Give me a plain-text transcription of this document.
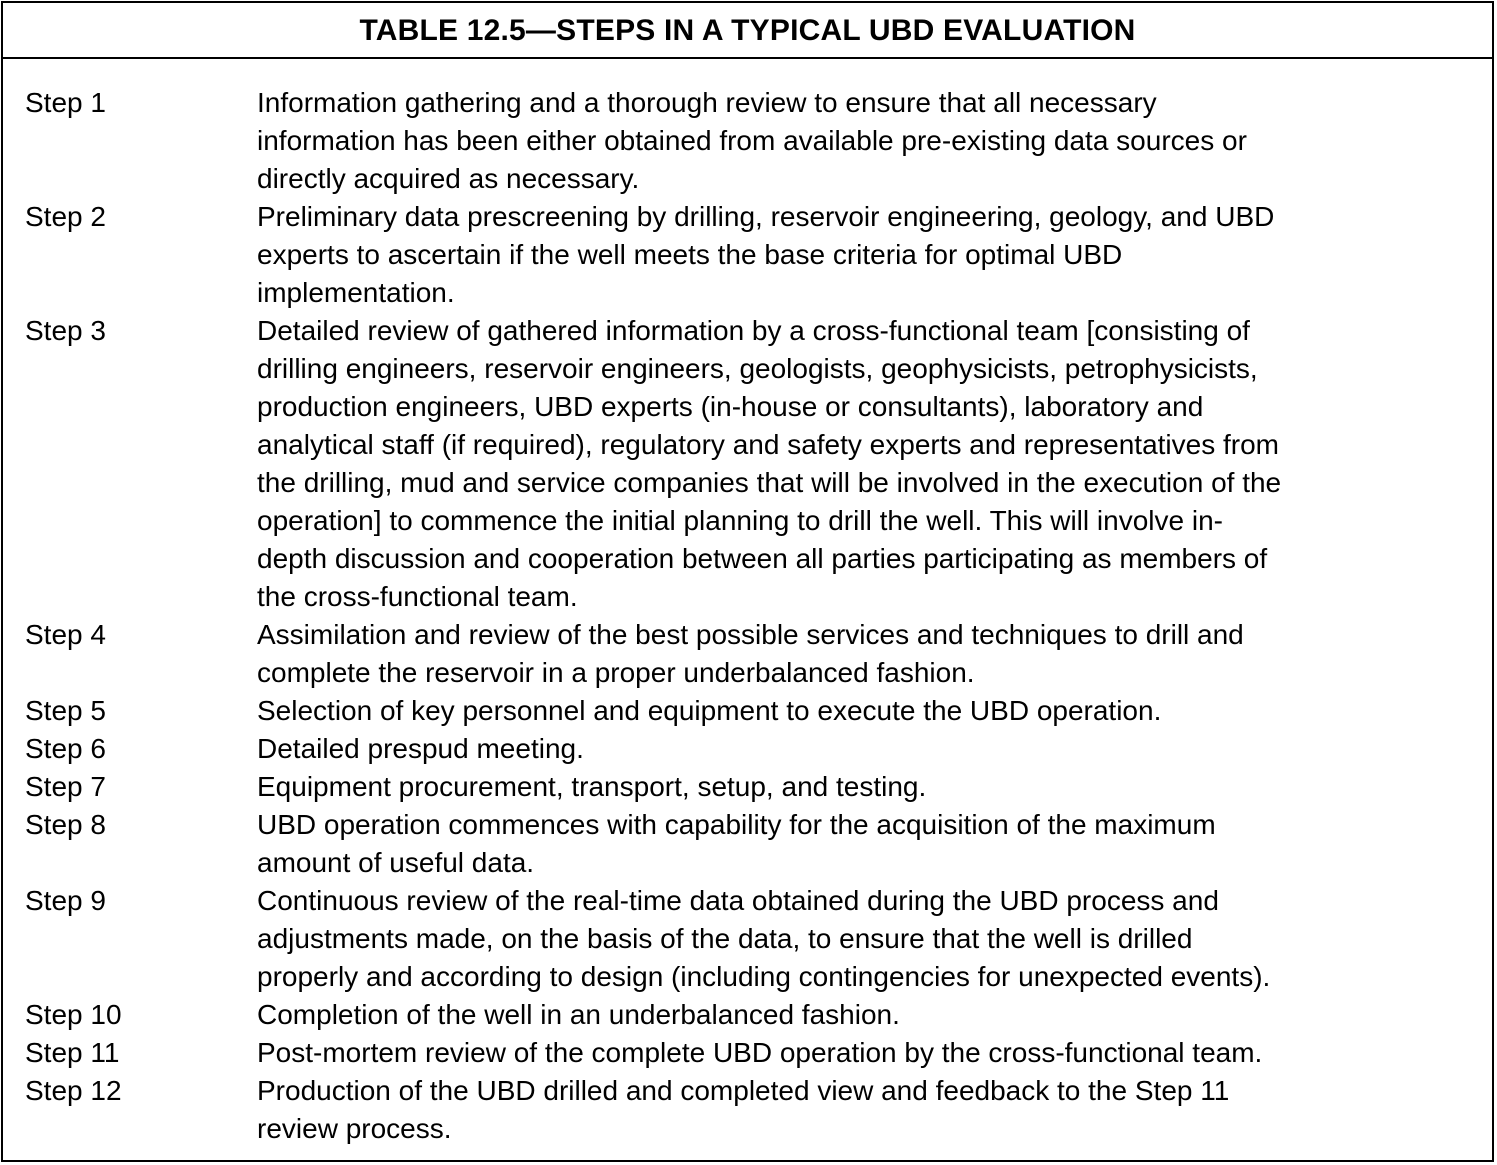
TABLE 12.5—STEPS IN A TYPICAL UBD EVALUATION
Step 1	Information gathering and a thorough review to ensure that all necessary
information has been either obtained from available pre-existing data sources or
directly acquired as necessary.
Step 2	Preliminary data prescreening by drilling, reservoir engineering, geology, and UBD
experts to ascertain if the well meets the base criteria for optimal UBD
implementation.
Step 3	Detailed review of gathered information by a cross-functional team [consisting of
drilling engineers, reservoir engineers, geologists, geophysicists, petrophysicists,
production engineers, UBD experts (in-house or consultants), laboratory and
analytical staff (if required), regulatory and safety experts and representatives from
the drilling, mud and service companies that will be involved in the execution of the
operation] to commence the initial planning to drill the well. This will involve in-
depth discussion and cooperation between all parties participating as members of
the cross-functional team.
Step 4	Assimilation and review of the best possible services and techniques to drill and
complete the reservoir in a proper underbalanced fashion.
Step 5	Selection of key personnel and equipment to execute the UBD operation.
Step 6	Detailed prespud meeting.
Step 7	Equipment procurement, transport, setup, and testing.
Step 8	UBD operation commences with capability for the acquisition of the maximum
amount of useful data.
Step 9	Continuous review of the real-time data obtained during the UBD process and
adjustments made, on the basis of the data, to ensure that the well is drilled
properly and according to design (including contingencies for unexpected events).
Step 10	Completion of the well in an underbalanced fashion.
Step 11	Post-mortem review of the complete UBD operation by the cross-functional team.
Step 12	Production of the UBD drilled and completed view and feedback to the Step 11
review process.
